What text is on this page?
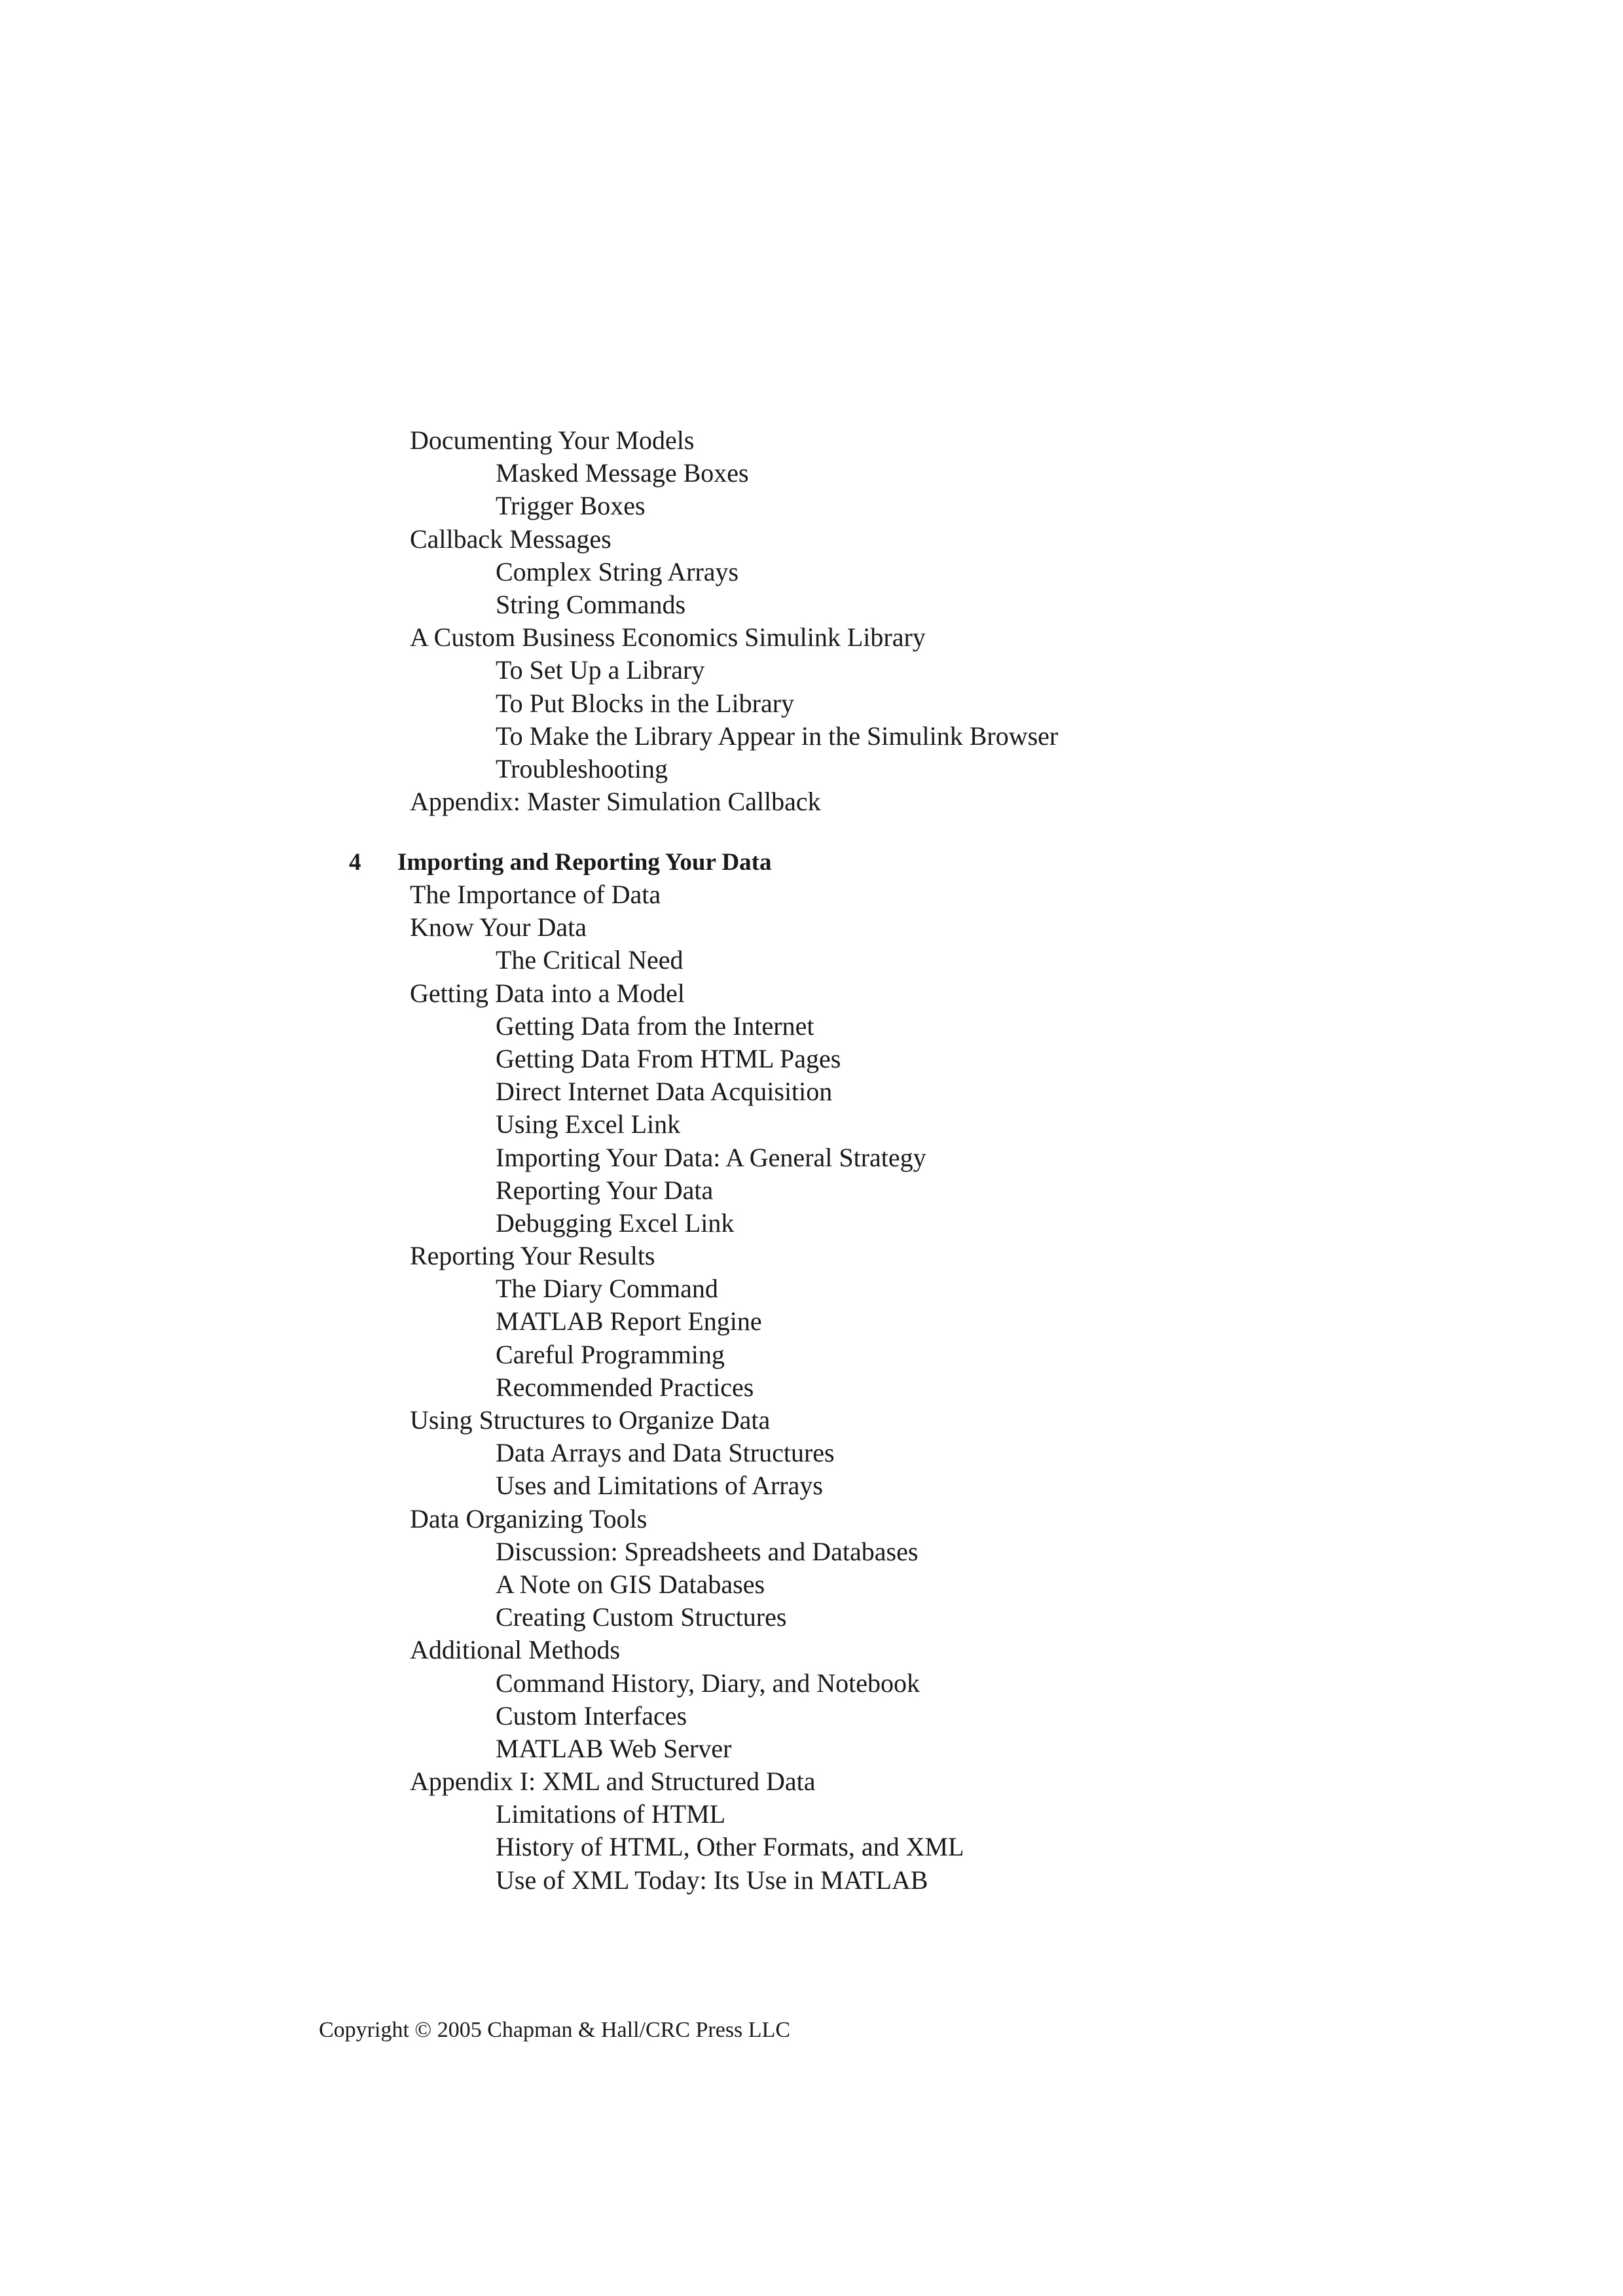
Documenting Your Models
Masked Message Boxes
Trigger Boxes
Callback Messages
Complex String Arrays
String Commands
A Custom Business Economics Simulink Library
To Set Up a Library
To Put Blocks in the Library
To Make the Library Appear in the Simulink Browser
Troubleshooting
Appendix: Master Simulation Callback
4 Importing and Reporting Your Data
The Importance of Data
Know Your Data
The Critical Need
Getting Data into a Model
Getting Data from the Internet
Getting Data From HTML Pages
Direct Internet Data Acquisition
Using Excel Link
Importing Your Data: A General Strategy
Reporting Your Data
Debugging Excel Link
Reporting Your Results
The Diary Command
MATLAB Report Engine
Careful Programming
Recommended Practices
Using Structures to Organize Data
Data Arrays and Data Structures
Uses and Limitations of Arrays
Data Organizing Tools
Discussion: Spreadsheets and Databases
A Note on GIS Databases
Creating Custom Structures
Additional Methods
Command History, Diary, and Notebook
Custom Interfaces
MATLAB Web Server
Appendix I: XML and Structured Data
Limitations of HTML
History of HTML, Other Formats, and XML
Use of XML Today: Its Use in MATLAB
Copyright © 2005 Chapman & Hall/CRC Press LLC
